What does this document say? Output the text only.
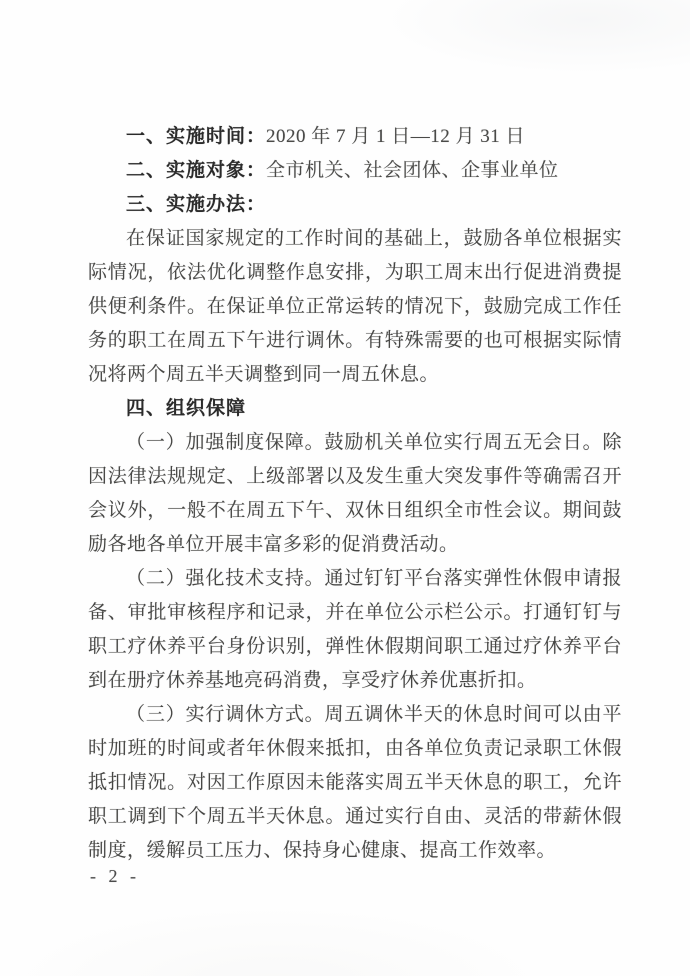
一、实施时间：2020 年 7 月 1 日—12 月 31 日

二、实施对象：全市机关、社会团体、企事业单位

三、实施办法：

在保证国家规定的工作时间的基础上，鼓励各单位根据实际情况，依法优化调整作息安排，为职工周末出行促进消费提供便利条件。在保证单位正常运转的情况下，鼓励完成工作任务的职工在周五下午进行调休。有特殊需要的也可根据实际情况将两个周五半天调整到同一周五休息。

四、组织保障

（一）加强制度保障。鼓励机关单位实行周五无会日。除因法律法规规定、上级部署以及发生重大突发事件等确需召开会议外，一般不在周五下午、双休日组织全市性会议。期间鼓励各地各单位开展丰富多彩的促消费活动。

（二）强化技术支持。通过钉钉平台落实弹性休假申请报备、审批审核程序和记录，并在单位公示栏公示。打通钉钉与职工疗休养平台身份识别，弹性休假期间职工通过疗休养平台到在册疗休养基地亮码消费，享受疗休养优惠折扣。

（三）实行调休方式。周五调休半天的休息时间可以由平时加班的时间或者年休假来抵扣，由各单位负责记录职工休假抵扣情况。对因工作原因未能落实周五半天休息的职工，允许职工调到下个周五半天休息。通过实行自由、灵活的带薪休假制度，缓解员工压力、保持身心健康、提高工作效率。

- 2 -
